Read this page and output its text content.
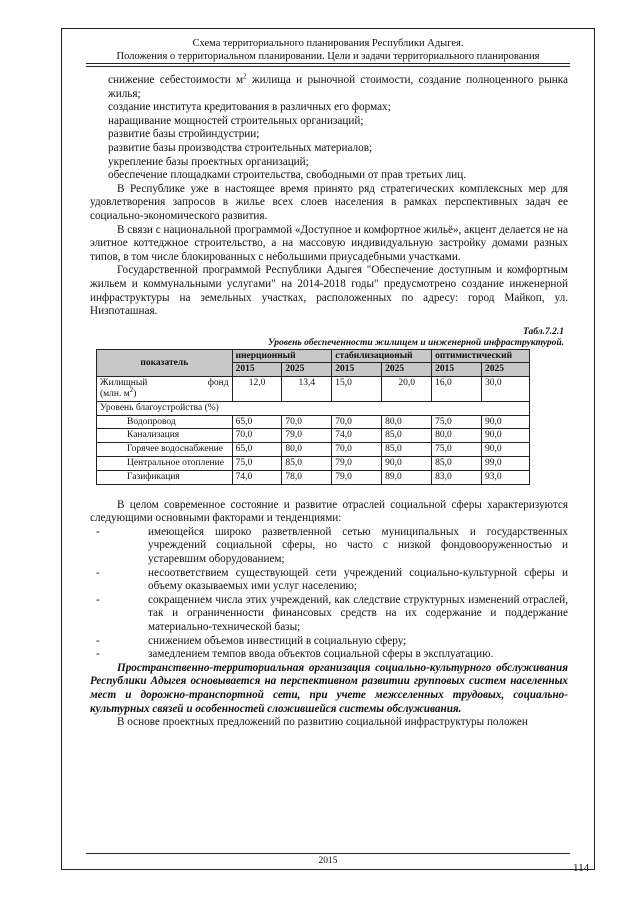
Схема территориального планирования Республики Адыгея.
Положения о территориальном планировании. Цели и задачи территориального планирования

снижение себестоимости $м^2$ жилища и рыночной стоимости, создание полноценного рынка жилья;

создание института кредитования в различных его формах;

наращивание мощностей строительных организаций;

развитие базы стройиндустрии;

развитие базы производства строительных материалов;

укрепление базы проектных организаций;

обеспечение площадками строительства, свободными от прав третьих лиц.

В Республике уже в настоящее время принято ряд стратегических комплексных мер для удовлетворения запросов в жилье всех слоев населения в рамках перспективных задач ее социально-экономического развития.

В связи с национальной программой «Доступное и комфортное жильё», акцент делается не на элитное коттеджное строительство, а на массовую индивидуальную застройку домами разных типов, в том числе блокированных с небольшими приусадебными участками.

Государственной программой Республики Адыгея "Обеспечение доступным и комфортным жильем и коммунальными услугами" на 2014-2018 годы" предусмотрено создание инженерной инфраструктуры на земельных участках, расположенных по адресу: город Майкоп, ул. Низпоташная.

Табл.7.2.1
Уровень обеспеченности жилищем и инженерной инфраструктурой.
показатель	инерционный		стабилизационый		оптимистический	
	2015	2025	2015	2025	2015	2025

Жилищный фонд
(млн. $м^2$)	12,0	13,4	15,0	20,0	16,0	30,0
Уровень благоустройства (%)						
Водопровод	65,0	70,0	70,0	80,0	75,0	90,0
Канализация	70,0	79,0	74,0	85,0	80,0	90,0
Горячее водоснабжение	65,0	80,0	70,0	85,0	75,0	90,0
Центральное отопление	75,0	85,0	79,0	90,0	85,0	99,0
Газификация	74,0	78,0	79,0	89,0	83,0	93,0

В целом современное состояние и развитие отраслей социальной сферы характеризуются следующими основными факторами и тенденциями:

-	имеющейся широко разветвленной сетью муниципальных и государственных учреждений социальной сферы, но часто с низкой фондовооруженностью и устаревшим оборудованием;
-	несоответствием существующей сети учреждений социально-культурной сферы и объему оказываемых ими услуг населению;
-	сокращением числа этих учреждений, как следствие структурных изменений отраслей, так и ограниченности финансовых средств на их содержание и поддержание материально-технической базы;
-	снижением объемов инвестиций в социальную сферу;
-	замедлением темпов ввода объектов социальной сферы в эксплуатацию.

Пространственно-территориальная организация социально-культурного обслуживания Республики Адыгея основывается на перспективном развитии групповых систем населенных мест и дорожно-транспортной сети, при учете межселенных трудовых, социально-культурных связей и особенностей сложившейся системы обслуживания.

В основе проектных предложений по развитию социальной инфраструктуры положен

2015
114
